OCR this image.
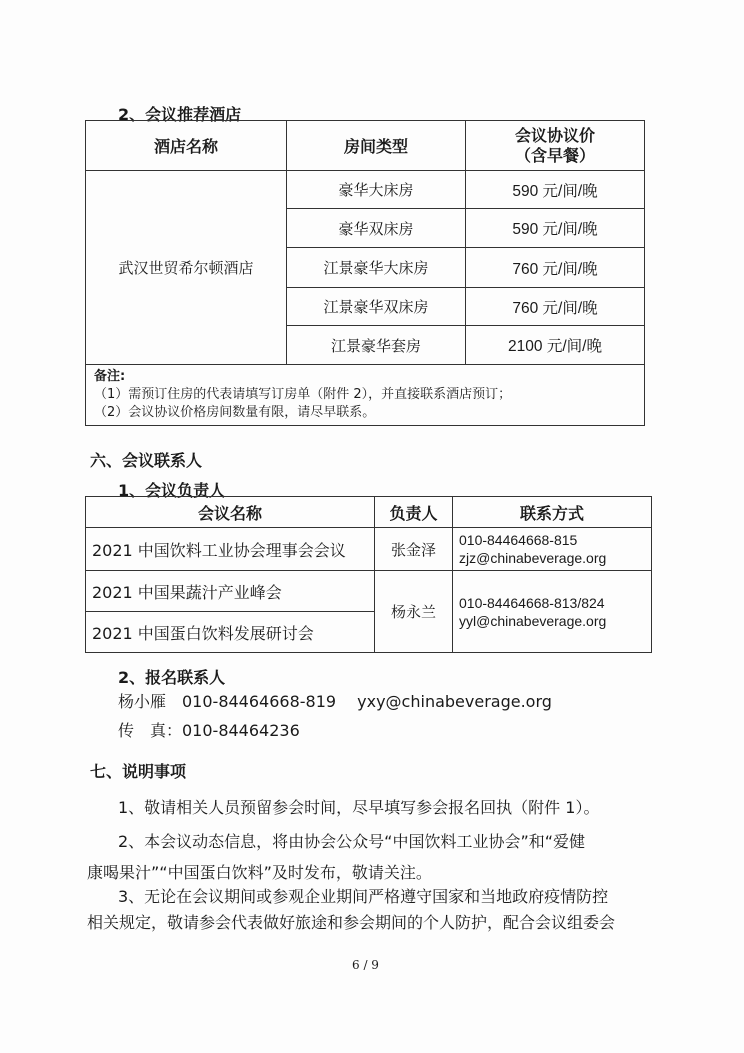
2、会议推荐酒店
酒店名称	房间类型	会议协议价
（含早餐）
武汉世贸希尔顿酒店	豪华大床房	590 元/间/晚
	豪华双床房	590 元/间/晚
	江景豪华大床房	760 元/间/晚
	江景豪华双床房	760 元/间/晚
	江景豪华套房	2100 元/间/晚
备注:
（1）需预订住房的代表请填写订房单（附件 2），并直接联系酒店预订；
（2）会议协议价格房间数量有限，请尽早联系。		
六、会议联系人
1、会议负责人
会议名称	负责人	联系方式
2021 中国饮料工业协会理事会会议	张金泽	010-84464668-815
zjz@chinabeverage.org
2021 中国果蔬汁产业峰会	杨永兰	010-84464668-813/824
yyl@chinabeverage.org
2021 中国蛋白饮料发展研讨会		
2、报名联系人
杨小雁　010-84464668-819　 yxy@chinabeverage.org
传　真：010-84464236
七、说明事项
1、敬请相关人员预留参会时间，尽早填写参会报名回执（附件 1）。
2、本会议动态信息，将由协会公众号“中国饮料工业协会”和“爱健
康喝果汁”“中国蛋白饮料”及时发布，敬请关注。
3、无论在会议期间或参观企业期间严格遵守国家和当地政府疫情防控
相关规定，敬请参会代表做好旅途和参会期间的个人防护，配合会议组委会
6 / 9
